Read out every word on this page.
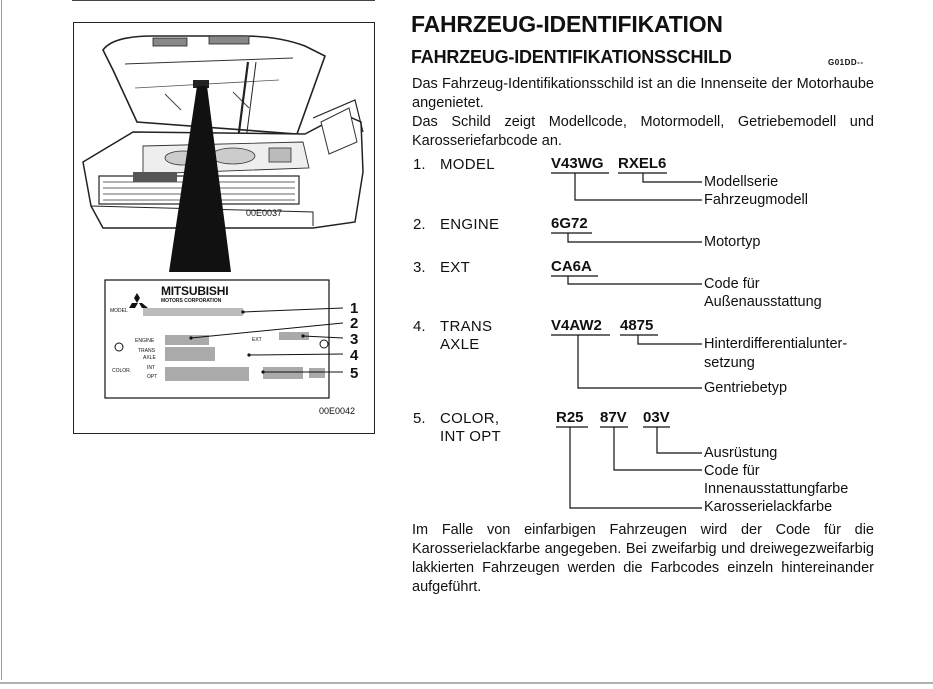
00E0037
00E0042
MITSUBISHI
MOTORS CORPORATION
MODEL
ENGINE	EXT
TRANS
AXLE
COLOR.	INT
OPT
1
2
3
4
5
FAHRZEUG-IDENTIFIKATION
FAHRZEUG-IDENTIFIKATIONSSCHILD	G01DD--

Das Fahrzeug-Identifikationsschild ist an die Innenseite der Motorhaube angenietet.

Das Schild zeigt Modellcode, Motormodell, Getriebemodell und Karosseriefarbcode an.

1. MODEL	V43WG RXEL6
Modellserie
Fahrzeugmodell
2. ENGINE	6G72
Motortyp
3. EXT	CA6A
Code für
Außenausstattung
4. TRANS
AXLE
V4AW2 4875
Hinterdifferentialunter-
setzung
Gentriebetyp
5. COLOR,
INT OPT
R25 87V 03V
Ausrüstung
Code für
Innenausstattungfarbe
Karosserielackfarbe
Im Falle von einfarbigen Fahrzeugen wird der Code für die Karosserielackfarbe angegeben. Bei zweifarbig und dreiwegezweifarbig lakkierten Fahrzeugen werden die Farbcodes einzeln hintereinander aufgeführt.
